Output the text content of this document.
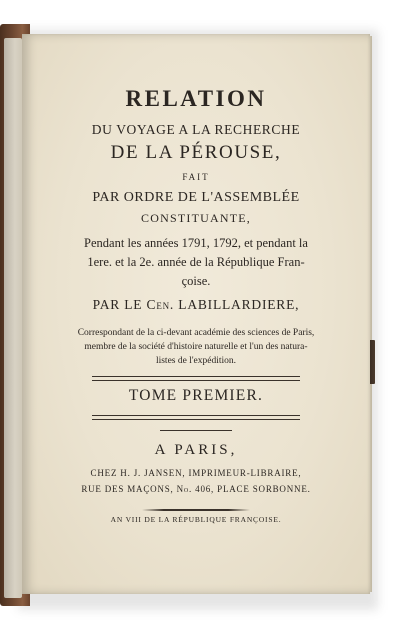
RELATION
DU VOYAGE A LA RECHERCHE
DE LA PÉROUSE,
FAIT
PAR ORDRE DE L'ASSEMBLÉE
CONSTITUANTE,
Pendant les années 1791, 1792, et pendant la
1ere. et la 2e. année de la République Fran-
çoise.
PAR LE Cen. LABILLARDIERE,
Correspondant de la ci-devant académie des sciences de Paris,
membre de la société d'histoire naturelle et l'un des natura-
listes de l'expédition.
TOME PREMIER.
A PARIS,
CHEZ H. J. JANSEN, IMPRIMEUR-LIBRAIRE,
RUE DES MAÇONS, No. 406, PLACE SORBONNE.
AN VIII DE LA RÉPUBLIQUE FRANÇOISE.
